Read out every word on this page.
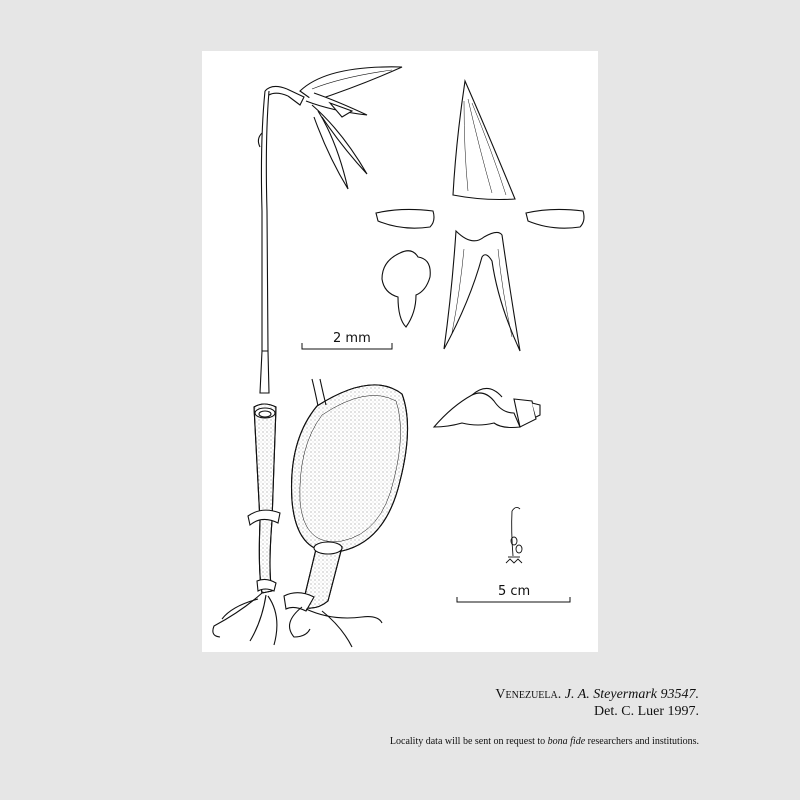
2 mm
5 cm
Venezuela. J. A. Steyermark 93547.
Det. C. Luer 1997.
Locality data will be sent on request to bona fide researchers and institutions.
